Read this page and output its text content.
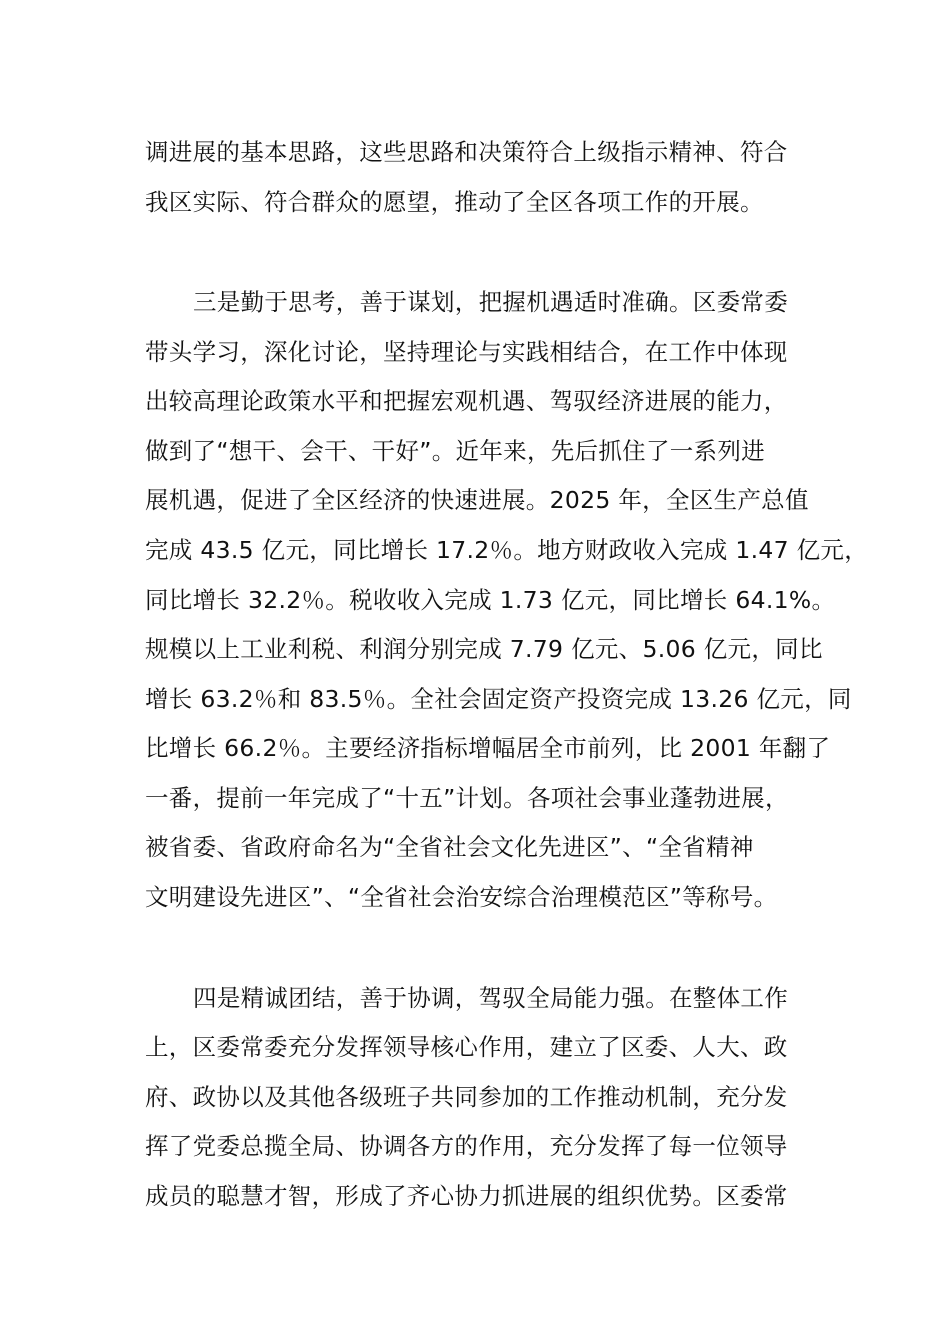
调进展的基本思路，这些思路和决策符合上级指示精神、符合

我区实际、符合群众的愿望，推动了全区各项工作的开展。

三是勤于思考，善于谋划，把握机遇适时准确。区委常委

带头学习，深化讨论，坚持理论与实践相结合，在工作中体现

出较高理论政策水平和把握宏观机遇、驾驭经济进展的能力，

做到了“想干、会干、干好”。近年来，先后抓住了一系列进

展机遇，促进了全区经济的快速进展。2025 年，全区生产总值

完成 43.5 亿元，同比增长 17.2％。地方财政收入完成 1.47 亿元，

同比增长 32.2％。税收收入完成 1.73 亿元，同比增长 64.1%。

规模以上工业利税、利润分别完成 7.79 亿元、5.06 亿元，同比

增长 63.2％和 83.5％。全社会固定资产投资完成 13.26 亿元，同

比增长 66.2％。主要经济指标增幅居全市前列，比 2001 年翻了

一番，提前一年完成了“十五”计划。各项社会事业蓬勃进展，

被省委、省政府命名为“全省社会文化先进区”、“全省精神

文明建设先进区”、“全省社会治安综合治理模范区”等称号。

四是精诚团结，善于协调，驾驭全局能力强。在整体工作

上，区委常委充分发挥领导核心作用，建立了区委、人大、政

府、政协以及其他各级班子共同参加的工作推动机制，充分发

挥了党委总揽全局、协调各方的作用，充分发挥了每一位领导

成员的聪慧才智，形成了齐心协力抓进展的组织优势。区委常
